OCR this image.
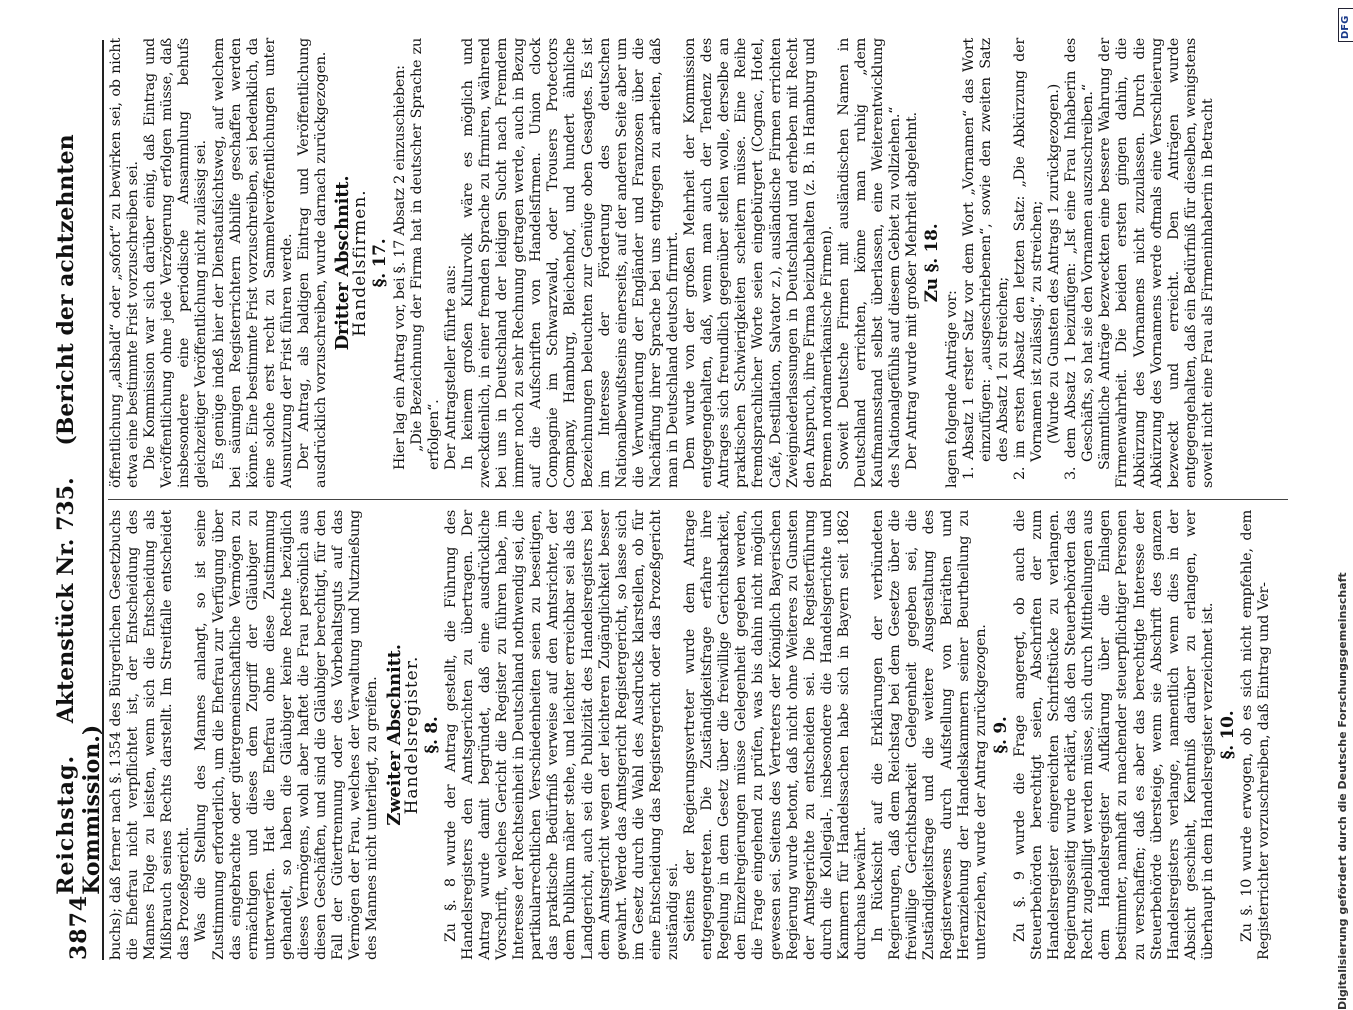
3874
Reichstag. Aktenstück Nr. 735. (Bericht der achtzehnten Kommission.) buchs); daß ferner nach §. 1354 des Bürgerlichen Gesetzbuchs die Ehefrau nicht verpflichtet ist, der Entscheidung des Mannes Folge zu leisten, wenn sich die Entscheidung als Mißbrauch seines Rechts darstellt. Im Streitfalle entscheidet das Prozeßgericht. Was die Stellung des Mannes anlangt, so ist seine Zustimmung erforderlich, um die Ehefrau zur Verfügung über das eingebrachte oder gütergemeinschaftliche Vermögen zu ermächtigen und dieses dem Zugriff der Gläubiger zu unterwerfen. Hat die Ehefrau ohne diese Zustimmung gehandelt, so haben die Gläubiger keine Rechte bezüglich dieses Vermögens, wohl aber haftet die Frau persönlich aus diesen Geschäften, und sind die Gläubiger berechtigt, für den Fall der Gütertrennung oder des Vorbehaltsguts auf das Vermögen der Frau, welches der Verwaltung und Nutznießung des Mannes nicht unterliegt, zu greifen. Zweiter Abschnitt.
Handelsregister. §. 8. Zu §. 8 wurde der Antrag gestellt, die Führung des Handelsregisters den Amtsgerichten zu übertragen. Der Antrag wurde damit begründet, daß eine ausdrückliche Vorschrift, welches Gericht die Register zu führen habe, im Interesse der Rechtseinheit in Deutschland nothwendig sei, die partikularrechtlichen Verschiedenheiten seien zu beseitigen, das praktische Bedürfniß verweise auf den Amtsrichter, der dem Publikum näher stehe, und leichter erreichbar sei als das Landgericht, auch sei die Publizität des Handelsregisters bei dem Amtsgericht wegen der leichteren Zugänglichkeit besser gewahrt. Werde das Amtsgericht Registergericht, so lasse sich im Gesetz durch die Wahl des Ausdrucks klarstellen, ob für eine Entscheidung das Registergericht oder das Prozeßgericht zuständig sei. Seitens der Regierungsvertreter wurde dem Antrage entgegengetreten. Die Zuständigkeitsfrage erfahre ihre Regelung in dem Gesetz über die freiwillige Gerichtsbarkeit, den Einzelregierungen müsse Gelegenheit gegeben werden, die Frage eingehend zu prüfen, was bis dahin nicht möglich gewesen sei. Seitens des Vertreters der Königlich Bayerischen Regierung wurde betont, daß nicht ohne Weiteres zu Gunsten der Amtsgerichte zu entscheiden sei. Die Registerführung durch die Kollegial-, insbesondere die Handelsgerichte und Kammern für Handelssachen habe sich in Bayern seit 1862 durchaus bewährt. In Rücksicht auf die Erklärungen der verbündeten Regierungen, daß dem Reichstag bei dem Gesetze über die freiwillige Gerichtsbarkeit Gelegenheit gegeben sei, die Zuständigkeitsfrage und die weitere Ausgestaltung des Registerwesens durch Aufstellung von Beiräthen und Heranziehung der Handelskammern seiner Beurtheilung zu unterziehen, wurde der Antrag zurückgezogen. §. 9. Zu §. 9 wurde die Frage angeregt, ob auch die Steuerbehörden berechtigt seien, Abschriften der zum Handelsregister eingereichten Schriftstücke zu verlangen. Regierungsseitig wurde erklärt, daß den Steuerbehörden das Recht zugebilligt werden müsse, sich durch Mittheilungen aus dem Handelsregister Aufklärung über die Einlagen bestimmter, namhaft zu machender steuerpflichtiger Personen zu verschaffen; daß es aber das berechtigte Interesse der Steuerbehörde übersteige, wenn sie Abschrift des ganzen Handelsregisters verlange, namentlich wenn dies in der Absicht geschieht, Kenntniß darüber zu erlangen, wer überhaupt in dem Handelsregister verzeichnet ist. §. 10. Zu §. 10 wurde erwogen, ob es sich nicht empfehle, dem Registerrichter vorzuschreiben, daß Eintrag und Ver-

öffentlichung „alsbald“ oder „sofort“ zu bewirken sei, ob nicht etwa eine bestimmte Frist vorzuschreiben sei. Die Kommission war sich darüber einig, daß Eintrag und Veröffentlichung ohne jede Verzögerung erfolgen müsse, daß insbesondere eine periodische Ansammlung behufs gleichzeitiger Veröffentlichung nicht zulässig sei. Es genüge indeß hier der Dienstaufsichtsweg, auf welchem bei säumigen Registerrichtern Abhilfe geschaffen werden könne. Eine bestimmte Frist vorzuschreiben, sei bedenklich, da eine solche erst recht zu Sammelveröffentlichungen unter Ausnutzung der Frist führen werde. Der Antrag, als baldigen Eintrag und Veröffentlichung ausdrücklich vorzuschreiben, wurde darnach zurückgezogen. Dritter Abschnitt.
Handelsfirmen. §. 17. Hier lag ein Antrag vor, bei §. 17 Absatz 2 einzuschieben: „Die Bezeichnung der Firma hat in deutscher Sprache zu erfolgen“. Der Antragsteller führte aus: In keinem großen Kulturvolk wäre es möglich und zweckdienlich, in einer fremden Sprache zu firmiren, während bei uns in Deutschland der leidigen Sucht nach Fremdem immer noch zu sehr Rechnung getragen werde, auch in Bezug auf die Aufschriften von Handelsfirmen. Union clock Compagnie im Schwarzwald, oder Trousers Protectors Company, Hamburg, Bleichenhof, und hundert ähnliche Bezeichnungen beleuchten zur Genüge oben Gesagtes. Es ist im Interesse der Förderung des deutschen Nationalbewußtseins einerseits, auf der anderen Seite aber um die Verwunderung der Engländer und Franzosen über die Nachäffung ihrer Sprache bei uns entgegen zu arbeiten, daß man in Deutschland deutsch firmirt. Dem wurde von der großen Mehrheit der Kommission entgegengehalten, daß, wenn man auch der Tendenz des Antrages sich freundlich gegenüber stellen wolle, derselbe an praktischen Schwierigkeiten scheitern müsse. Eine Reihe fremdsprachlicher Worte seien eingebürgert (Cognac, Hotel, Café, Destillation, Salvator z.), ausländische Firmen errichten Zweigniederlassungen in Deutschland und erheben mit Recht den Anspruch, ihre Firma beizubehalten (z. B. in Hamburg und Bremen nordamerikanische Firmen). Soweit Deutsche Firmen mit ausländischen Namen in Deutschland errichten, könne man ruhig „dem Kaufmannsstand selbst überlassen, eine Weiterentwicklung des Nationalgefühls auf diesem Gebiet zu vollziehen.“ Der Antrag wurde mit großer Mehrheit abgelehnt. Zu §. 18.

lagen folgende Anträge vor: 1. Absatz 1 erster Satz vor dem Wort „Vornamen“ das Wort einzufügen: „ausgeschriebenen“, sowie den zweiten Satz des Absatz 1 zu streichen; 2. im ersten Absatz den letzten Satz: „Die Abkürzung der Vornamen ist zulässig.“ zu streichen; (Wurde zu Gunsten des Antrags 1 zurückgezogen.) 3. dem Absatz 1 beizufügen: „Ist eine Frau Inhaberin des Geschäfts, so hat sie den Vornamen auszuschreiben.“ Sämmtliche Anträge bezweckten eine bessere Wahrung der Firmenwahrheit. Die beiden ersten gingen dahin, die Abkürzung des Vornamens nicht zuzulassen. Durch die Abkürzung des Vornamens werde oftmals eine Verschleierung bezweckt und erreicht. Den Anträgen wurde entgegengehalten, daß ein Bedürfniß für dieselben, wenigstens soweit nicht eine Frau als Firmeninhaberin in Betracht

DFG
Digitalisierung gefördert durch die Deutsche Forschungsgemeinschaft
